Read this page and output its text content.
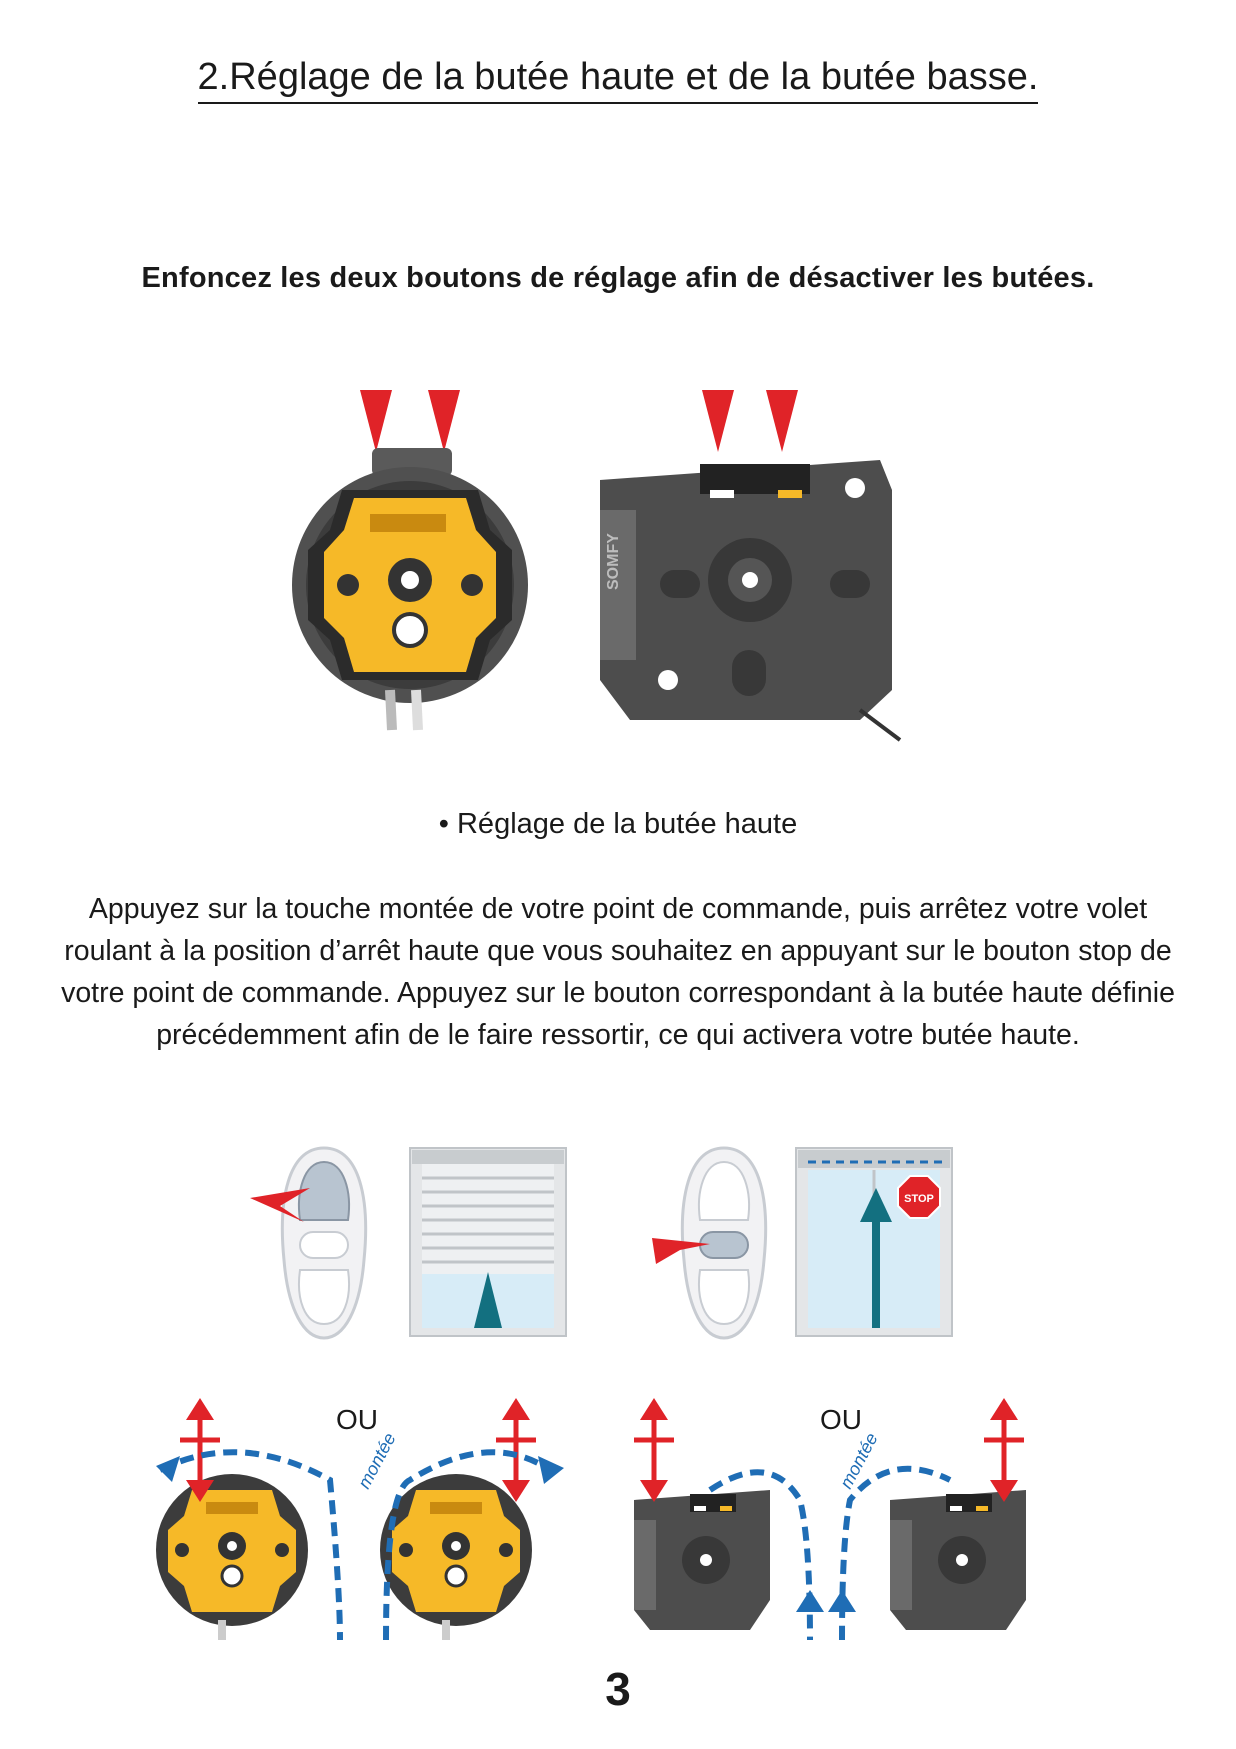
2.Réglage de la butée haute et de la butée basse.
Enfoncez les deux boutons de réglage afin de désactiver les butées.
SOMFY
• Réglage de la butée haute
Appuyez sur la touche montée de votre point de commande, puis arrêtez votre volet roulant à la position d’arrêt haute que vous souhaitez en appuyant sur le bouton stop de votre point de commande. Appuyez sur le bouton correspondant à la butée haute définie précédemment afin de le faire ressortir, ce qui activera votre butée haute.
STOP
OU	OU
montée	montée
3
